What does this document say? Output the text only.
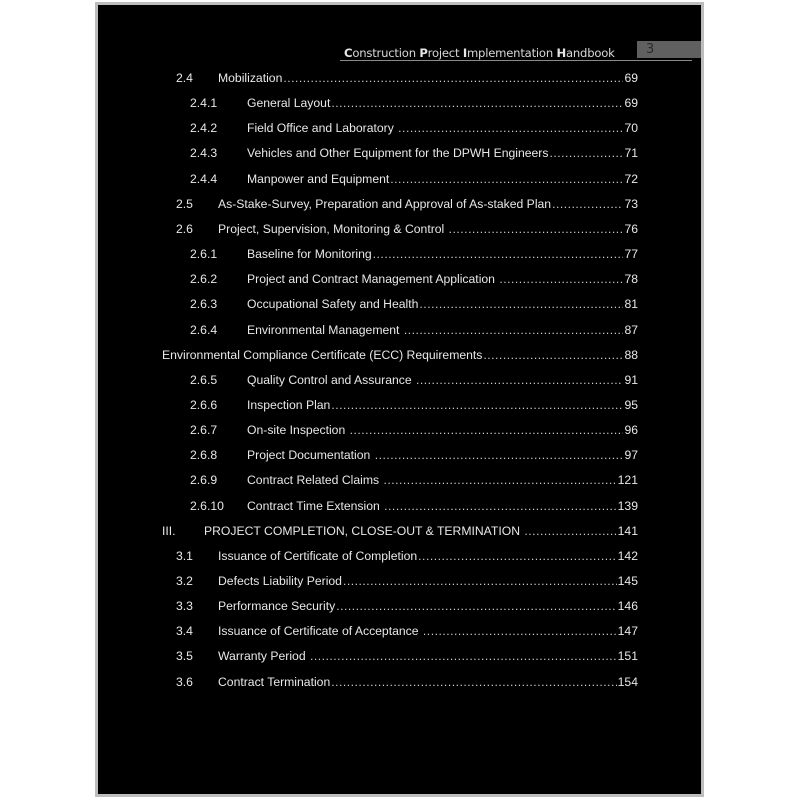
Construction Project Implementation Handbook 3
2.4 Mobilization .....	69
2.4.1 General Layout .....	69
2.4.2 Field Office and Laboratory .....	70
2.4.3 Vehicles and Other Equipment for the DPWH Engineers .....	71
2.4.4 Manpower and Equipment .....	72
2.5 As-Stake-Survey, Preparation and Approval of As-staked Plan .....	73
2.6 Project, Supervision, Monitoring & Control .....	76
2.6.1 Baseline for Monitoring .....	77
2.6.2 Project and Contract Management Application .....	78
2.6.3 Occupational Safety and Health .....	81
2.6.4 Environmental Management .....	87
Environmental Compliance Certificate (ECC) Requirements .....	88
2.6.5 Quality Control and Assurance .....	91
2.6.6 Inspection Plan .....	95
2.6.7 On-site Inspection .....	96
2.6.8 Project Documentation .....	97
2.6.9 Contract Related Claims .....	121
2.6.10 Contract Time Extension .....	139
III. PROJECT COMPLETION, CLOSE-OUT & TERMINATION .....	141
3.1 Issuance of Certificate of Completion .....	142
3.2 Defects Liability Period .....	145
3.3 Performance Security .....	146
3.4 Issuance of Certificate of Acceptance .....	147
3.5 Warranty Period .....	151
3.6 Contract Termination .....	154
